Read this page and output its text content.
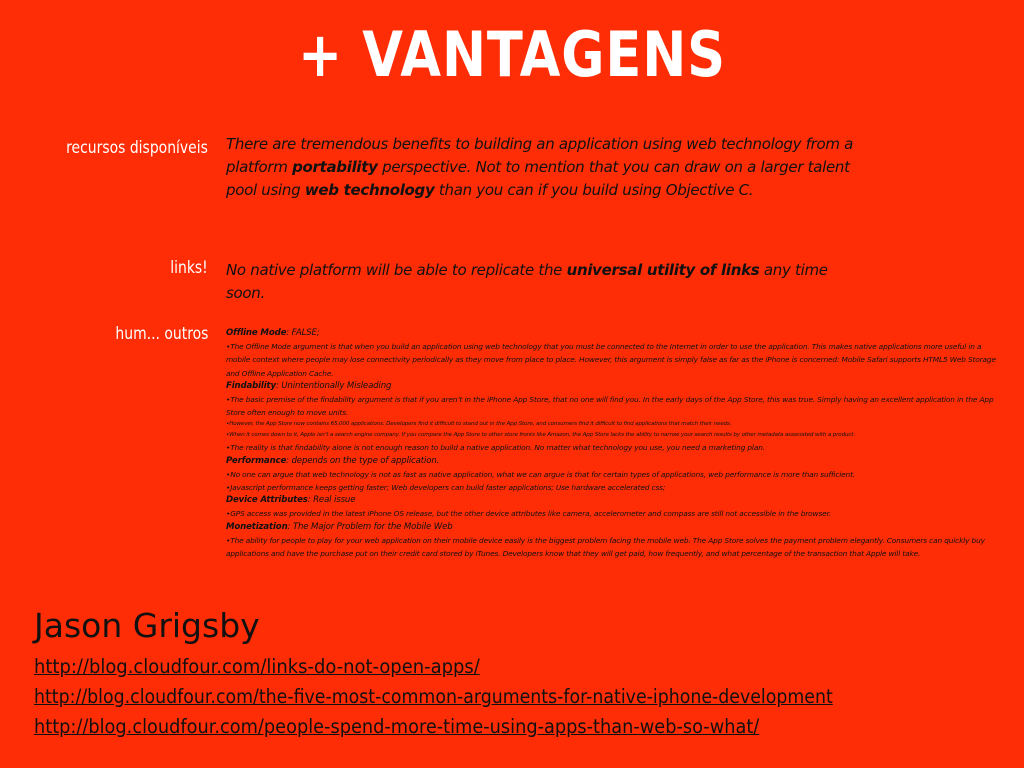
+ VANTAGENS
recursos disponíveis There are tremendous benefits to building an application using web technology from a platform portability perspective. Not to mention that you can draw on a larger talent pool using web technology than you can if you build using Objective C.
links! No native platform will be able to replicate the universal utility of links any time soon.
hum... outros Offline Mode: FALSE;
•The Offline Mode argument is that when you build an application using web technology that you must be connected to the Internet in order to use the application. This makes native applications more useful in a mobile context where people may lose connectivity periodically as they move from place to place. However, this argument is simply false as far as the iPhone is concerned: Mobile Safari supports HTML5 Web Storage and Offline Application Cache.
Findability: Unintentionally Misleading
•The basic premise of the findability argument is that if you aren’t in the iPhone App Store, that no one will find you. In the early days of the App Store, this was true. Simply having an excellent application in the App Store often enough to move units.
•However, the App Store now contains 65,000 applications. Developers find it difficult to stand out in the App Store, and consumers find it difficult to find applications that match their needs.
•When it comes down to it, Apple isn’t a search engine company. If you compare the App Store to other store fronts like Amazon, the App Store lacks the ability to narrow your search results by other metadata associated with a product.
•The reality is that findability alone is not enough reason to build a native application. No matter what technology you use, you need a marketing plan.
Performance: depends on the type of application.
•No one can argue that web technology is not as fast as native application, what we can argue is that for certain types of applications, web performance is more than sufficient.
•Javascript performance keeps getting faster; Web developers can build faster applications; Use hardware accelerated css;
Device Attributes: Real issue
•GPS access was provided in the latest iPhone OS release, but the other device attributes like camera, accelerometer and compass are still not accessible in the browser.
Monetization: The Major Problem for the Mobile Web
•The ability for people to play for your web application on their mobile device easily is the biggest problem facing the mobile web. The App Store solves the payment problem elegantly. Consumers can quickly buy applications and have the purchase put on their credit card stored by iTunes. Developers know that they will get paid, how frequently, and what percentage of the transaction that Apple will take.
Jason Grigsby
http://blog.cloudfour.com/links-do-not-open-apps/
http://blog.cloudfour.com/the-five-most-common-arguments-for-native-iphone-development
http://blog.cloudfour.com/people-spend-more-time-using-apps-than-web-so-what/
